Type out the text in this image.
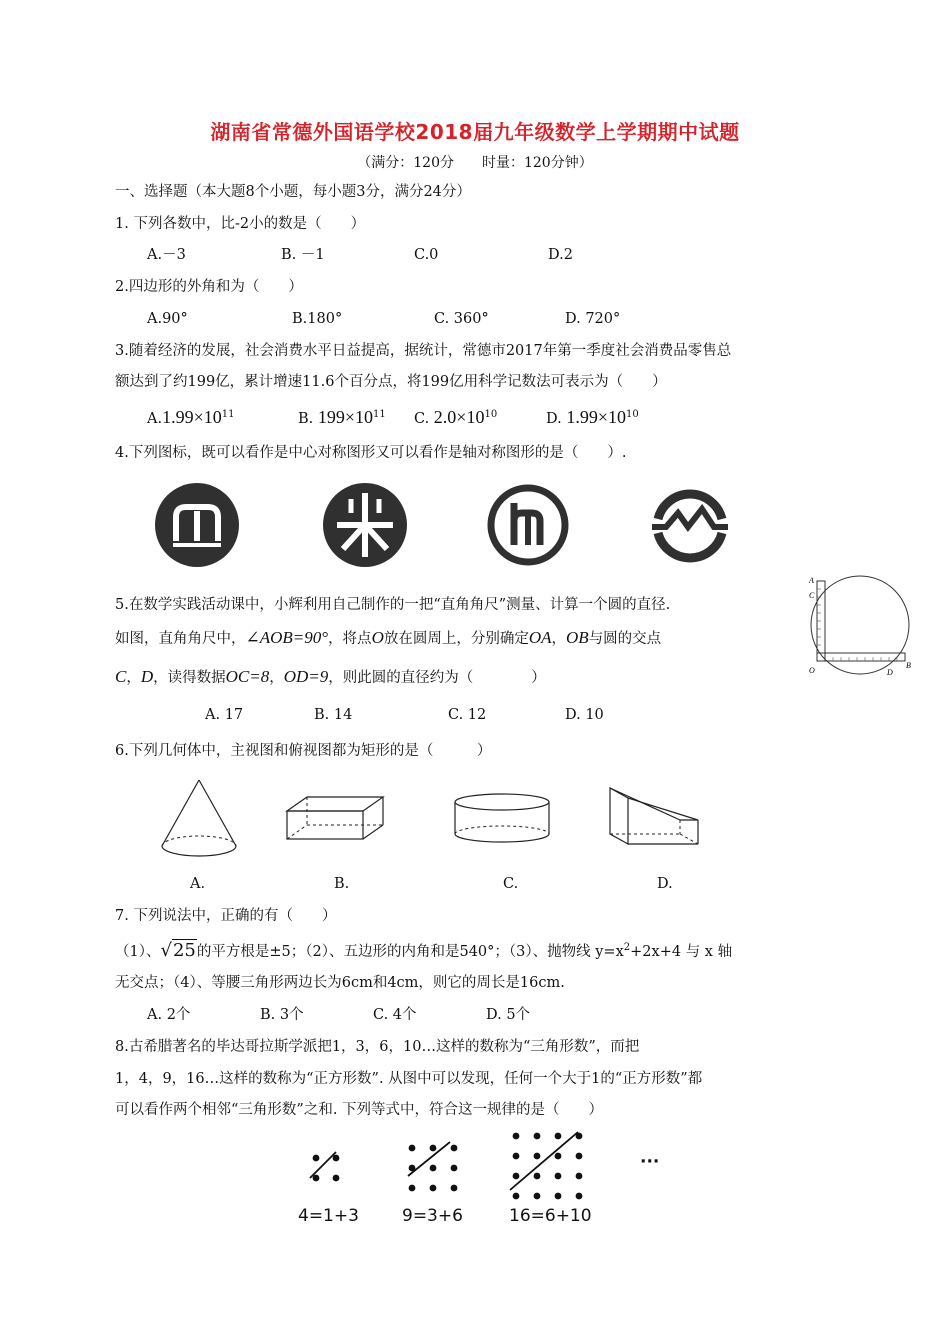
湖南省常德外国语学校2018届九年级数学上学期期中试题
（满分：120分　　时量：120分钟）
一、选择题（本大题8个小题，每小题3分，满分24分）
1. 下列各数中，比-2小的数是（　　）
A.－3	B. －1	C.0	D.2
2.四边形的外角和为（　　）
A.90°	B.180°	C. 360°	D. 720°
3.随着经济的发展，社会消费水平日益提高，据统计，常德市2017年第一季度社会消费品零售总
额达到了约199亿，累计增速11.6个百分点，将199亿用科学记数法可表示为（　　）
$A.1.99\times 10^{11}$	B. $199\times 10^{11}$ C. $2.0\times 10^{10}$	D. $1.99\times 10^{10}$
4.下列图标，既可以看作是中心对称图形又可以看作是轴对称图形的是（　　）.
5.在数学实践活动课中，小辉利用自己制作的一把“直角角尺”测量、计算一个圆的直径.
如图，直角角尺中，∠AOB=90°，将点O放在圆周上，分别确定OA，OB与圆的交点
C，D，读得数据OC=8，OD=9，则此圆的直径约为（　　　　）
A. 17	B. 14	C. 12	D. 10
A
C
O	D
B
6.下列几何体中，主视图和俯视图都为矩形的是（　　　）
A.	B.	C.	D.
7. 下列说法中，正确的有（　　）
（1）、√25的平方根是±5；（2）、五边形的内角和是540°；（3）、抛物线 $y=x^2+2x+4$ 与 x 轴
无交点；（4）、等腰三角形两边长为6cm和4cm，则它的周长是16cm.
A. 2个	B. 3个	C. 4个	D. 5个
8.古希腊著名的毕达哥拉斯学派把1，3，6，10…这样的数称为“三角形数”，而把
1，4，9，16…这样的数称为“正方形数”. 从图中可以发现，任何一个大于1的“正方形数”都
可以看作两个相邻“三角形数”之和. 下列等式中，符合这一规律的是（　　）
···
4=1+3	9=3+6	16=6+10
